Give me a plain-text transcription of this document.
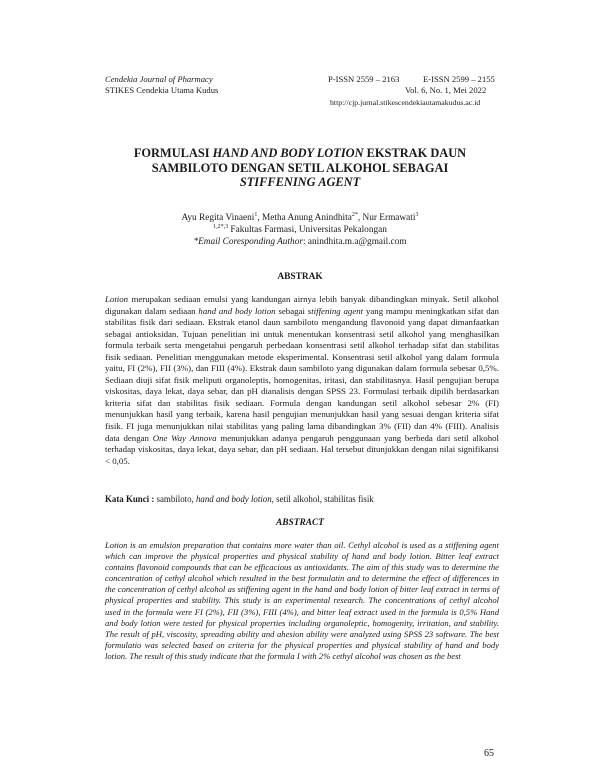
Cendekia Journal of Pharmacy
STIKES Cendekia Utama Kudus
P-ISSN 2559 – 2163	E-ISSN 2599 – 2155
Vol. 6, No. 1, Mei 2022
http://cjp.jurnal.stikescendekiautamakudus.ac.id
FORMULASI HAND AND BODY LOTION EKSTRAK DAUN
SAMBILOTO DENGAN SETIL ALKOHOL SEBAGAI
STIFFENING AGENT
Ayu Regita Vinaeni$^1$, Metha Anung Anindhita$^{2*}$, Nur Ermawati$^3$
$^{1,2*,3}$ Fakultas Farmasi, Universitas Pekalongan
*Email Coresponding Author: anindhita.m.a@gmail.com
ABSTRAK
Lotion merupakan sediaan emulsi yang kandungan airnya lebih banyak dibandingkan minyak. Setil alkohol digunakan dalam sediaan hand and body lotion sebagai stiffening agent yang mampu meningkatkan sifat dan stabilitas fisik dari sediaan. Ekstrak etanol daun sambiloto mengandung flavonoid yang dapat dimanfaatkan sebagai antioksidan. Tujuan penelitian ini untuk menentukan konsentrasi setil alkohol yang menghasilkan formula terbaik serta mengetahui pengaruh perbedaan konsentrasi setil alkohol terhadap sifat dan stabilitas fisik sediaan. Penelitian menggunakan metode eksperimental. Konsentrasi setil alkohol yang dalam formula yaitu, FI (2%), FII (3%), dan FIII (4%). Ekstrak daun sambiloto yang digunakan dalam formula sebesar 0,5%. Sediaan diuji sifat fisik meliputi organoleptis, homogenitas, iritasi, dan stabilitasnya. Hasil pengujian berupa viskositas, daya lekat, daya sebar, dan pH dianalisis dengan SPSS 23. Formulasi terbaik dipilih berdasarkan kriteria sifat dan stabilitas fisik sediaan. Formula dengan kandungan setil alkohol sebesar 2% (FI) menunjukkan hasil yang terbaik, karena hasil pengujian menunjukkan hasil yang sesuai dengan kriteria sifat fisik. FI juga menunjukkan nilai stabilitas yang paling lama dibandingkan 3% (FII) dan 4% (FIII). Analisis data dengan One Way Annova menunjukkan adanya pengaruh penggunaan yang berbeda dari setil alkohol terhadap viskositas, daya lekat, daya sebar, dan pH sediaan. Hal tersebut ditunjukkan dengan nilai signifikansi < 0,05.
Kata Kunci : sambiloto, hand and body lotion, setil alkohol, stabilitas fisik
ABSTRACT
Lotion is an emulsion preparation that contains more water than oil. Cethyl alcohol is used as a stiffening agent which can improve the physical properties and physical stability of hand and body lotion. Bitter leaf extract contains flavonoid compounds that can be efficacious as antioxidants. The aim of this study was to determine the concentration of cethyl alcohol which resulted in the best formulatin and to determine the effect of differences in the concentration of cethyl alcohol as stiffening agent in the hand and body lotion of bitter leaf extract in terms of physical properties and stability. This study is an experimental research. The concentrations of cethyl alcohol used in the formula were FI (2%), FII (3%), FIII (4%), and bitter leaf extract used in the formula is 0,5% Hand and body lotion were tested for physical properties including organoleptic, homogenity, irritation, and stability. The result of pH, viscosity, spreading ability and ahesion ability were analyzed using SPSS 23 software. The best formulatio was selected based on criteria for the physical properties and physical stability of hand and body lotion. The result of this study indicate that the formula I with 2% cethyl alcohol was chosen as the best
65
